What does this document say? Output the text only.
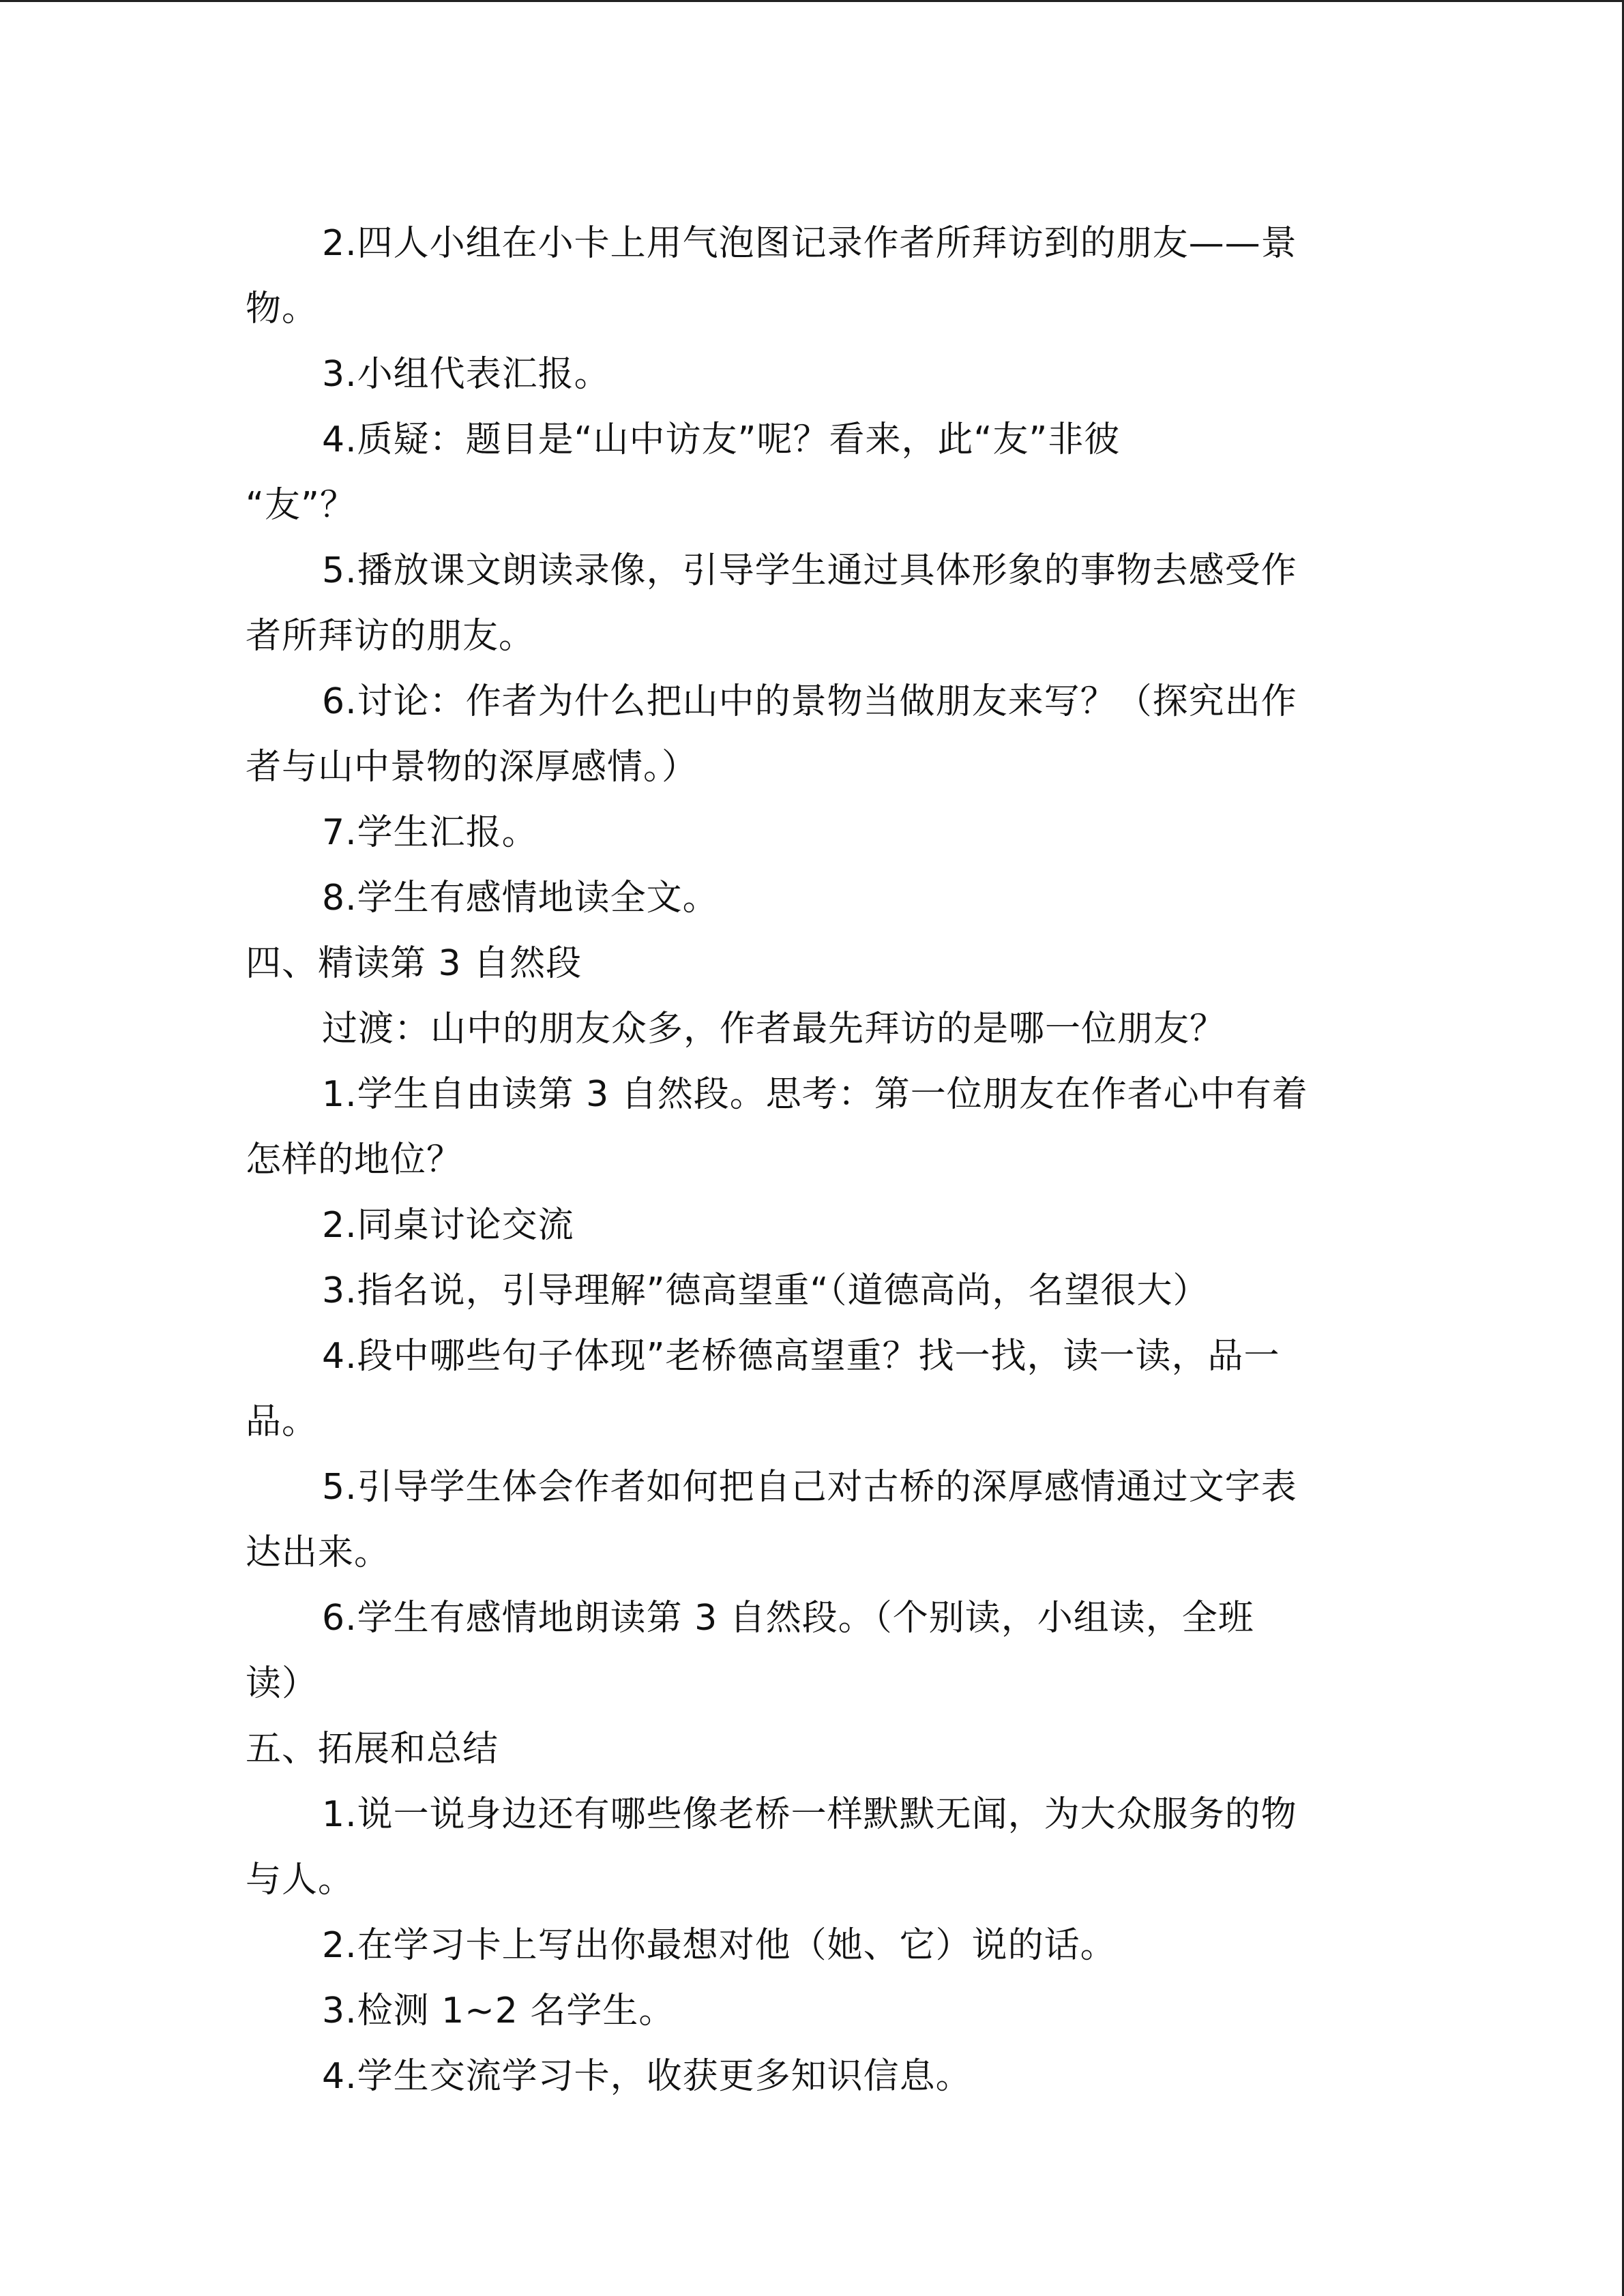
2.四人小组在小卡上用气泡图记录作者所拜访到的朋友——景
物。
3.小组代表汇报。
4.质疑：题目是“山中访友”呢？看来，此“友”非彼
“友”？
5.播放课文朗读录像，引导学生通过具体形象的事物去感受作
者所拜访的朋友。
6.讨论：作者为什么把山中的景物当做朋友来写？（探究出作
者与山中景物的深厚感情。）
7.学生汇报。
8.学生有感情地读全文。
四、精读第 3 自然段
过渡：山中的朋友众多，作者最先拜访的是哪一位朋友？
1.学生自由读第 3 自然段。思考：第一位朋友在作者心中有着
怎样的地位？
2.同桌讨论交流
3.指名说，引导理解”德高望重“（道德高尚，名望很大）
4.段中哪些句子体现”老桥德高望重？找一找，读一读，品一
品。
5.引导学生体会作者如何把自己对古桥的深厚感情通过文字表
达出来。
6.学生有感情地朗读第 3 自然段。（个别读，小组读，全班
读）
五、拓展和总结
1.说一说身边还有哪些像老桥一样默默无闻，为大众服务的物
与人。
2.在学习卡上写出你最想对他（她、它）说的话。
3.检测 1~2 名学生。
4.学生交流学习卡，收获更多知识信息。
